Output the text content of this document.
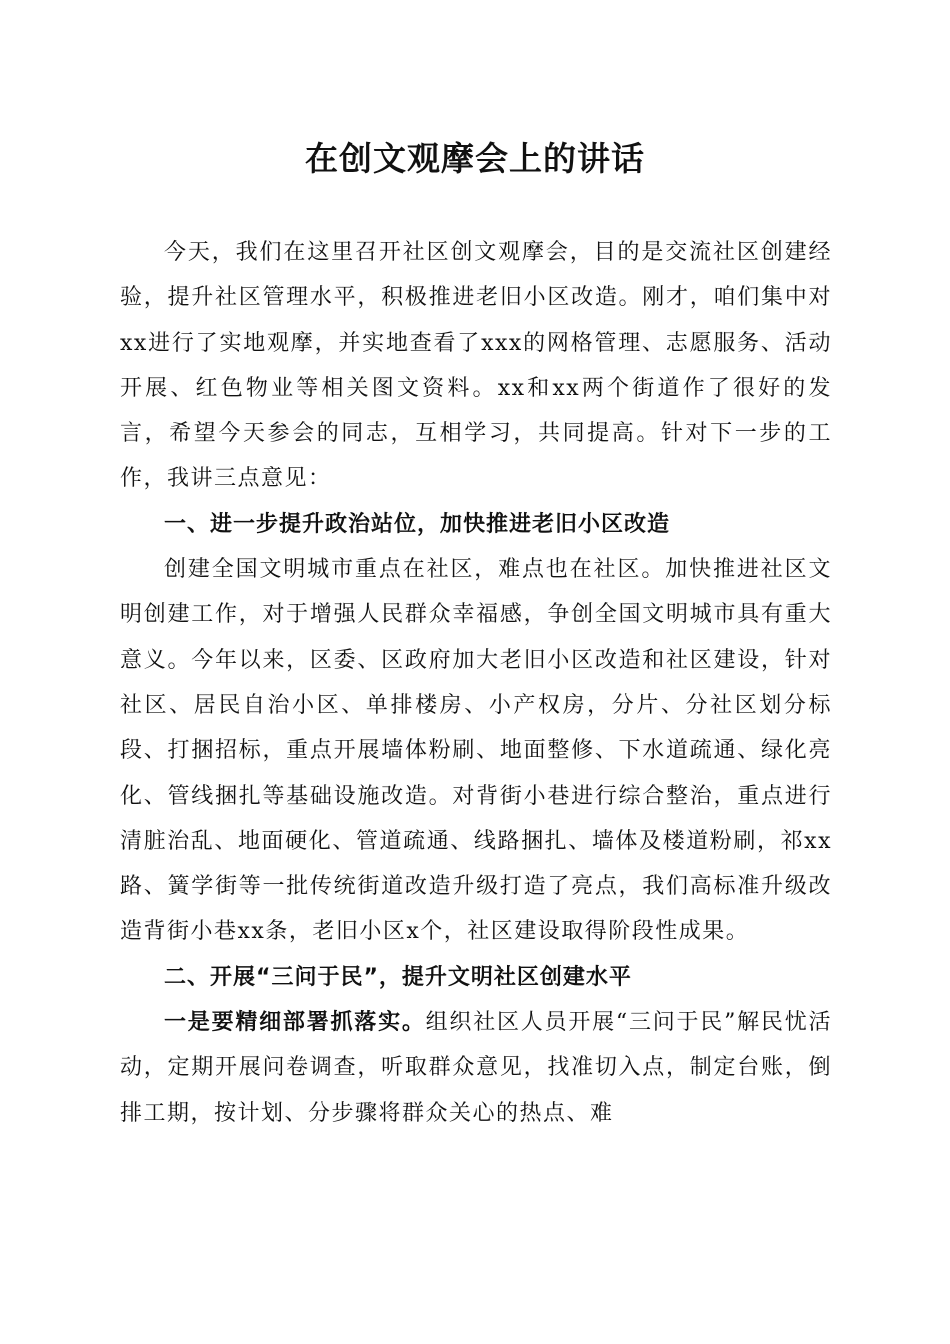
在创文观摩会上的讲话

今天，我们在这里召开社区创文观摩会，目的是交流社区创建经验，提升社区管理水平，积极推进老旧小区改造。刚才，咱们集中对xx进行了实地观摩，并实地查看了xxx的网格管理、志愿服务、活动开展、红色物业等相关图文资料。xx和xx两个街道作了很好的发言，希望今天参会的同志，互相学习，共同提高。针对下一步的工作，我讲三点意见：

一、进一步提升政治站位，加快推进老旧小区改造

创建全国文明城市重点在社区，难点也在社区。加快推进社区文明创建工作，对于增强人民群众幸福感，争创全国文明城市具有重大意义。今年以来，区委、区政府加大老旧小区改造和社区建设，针对社区、居民自治小区、单排楼房、小产权房，分片、分社区划分标段、打捆招标，重点开展墙体粉刷、地面整修、下水道疏通、绿化亮化、管线捆扎等基础设施改造。对背街小巷进行综合整治，重点进行清脏治乱、地面硬化、管道疏通、线路捆扎、墙体及楼道粉刷，祁xx路、簧学街等一批传统街道改造升级打造了亮点，我们高标准升级改造背街小巷xx条，老旧小区x个，社区建设取得阶段性成果。

二、开展“三问于民”，提升文明社区创建水平

一是要精细部署抓落实。组织社区人员开展“三问于民”解民忧活动，定期开展问卷调查，听取群众意见，找准切入点，制定台账，倒排工期，按计划、分步骤将群众关心的热点、难
